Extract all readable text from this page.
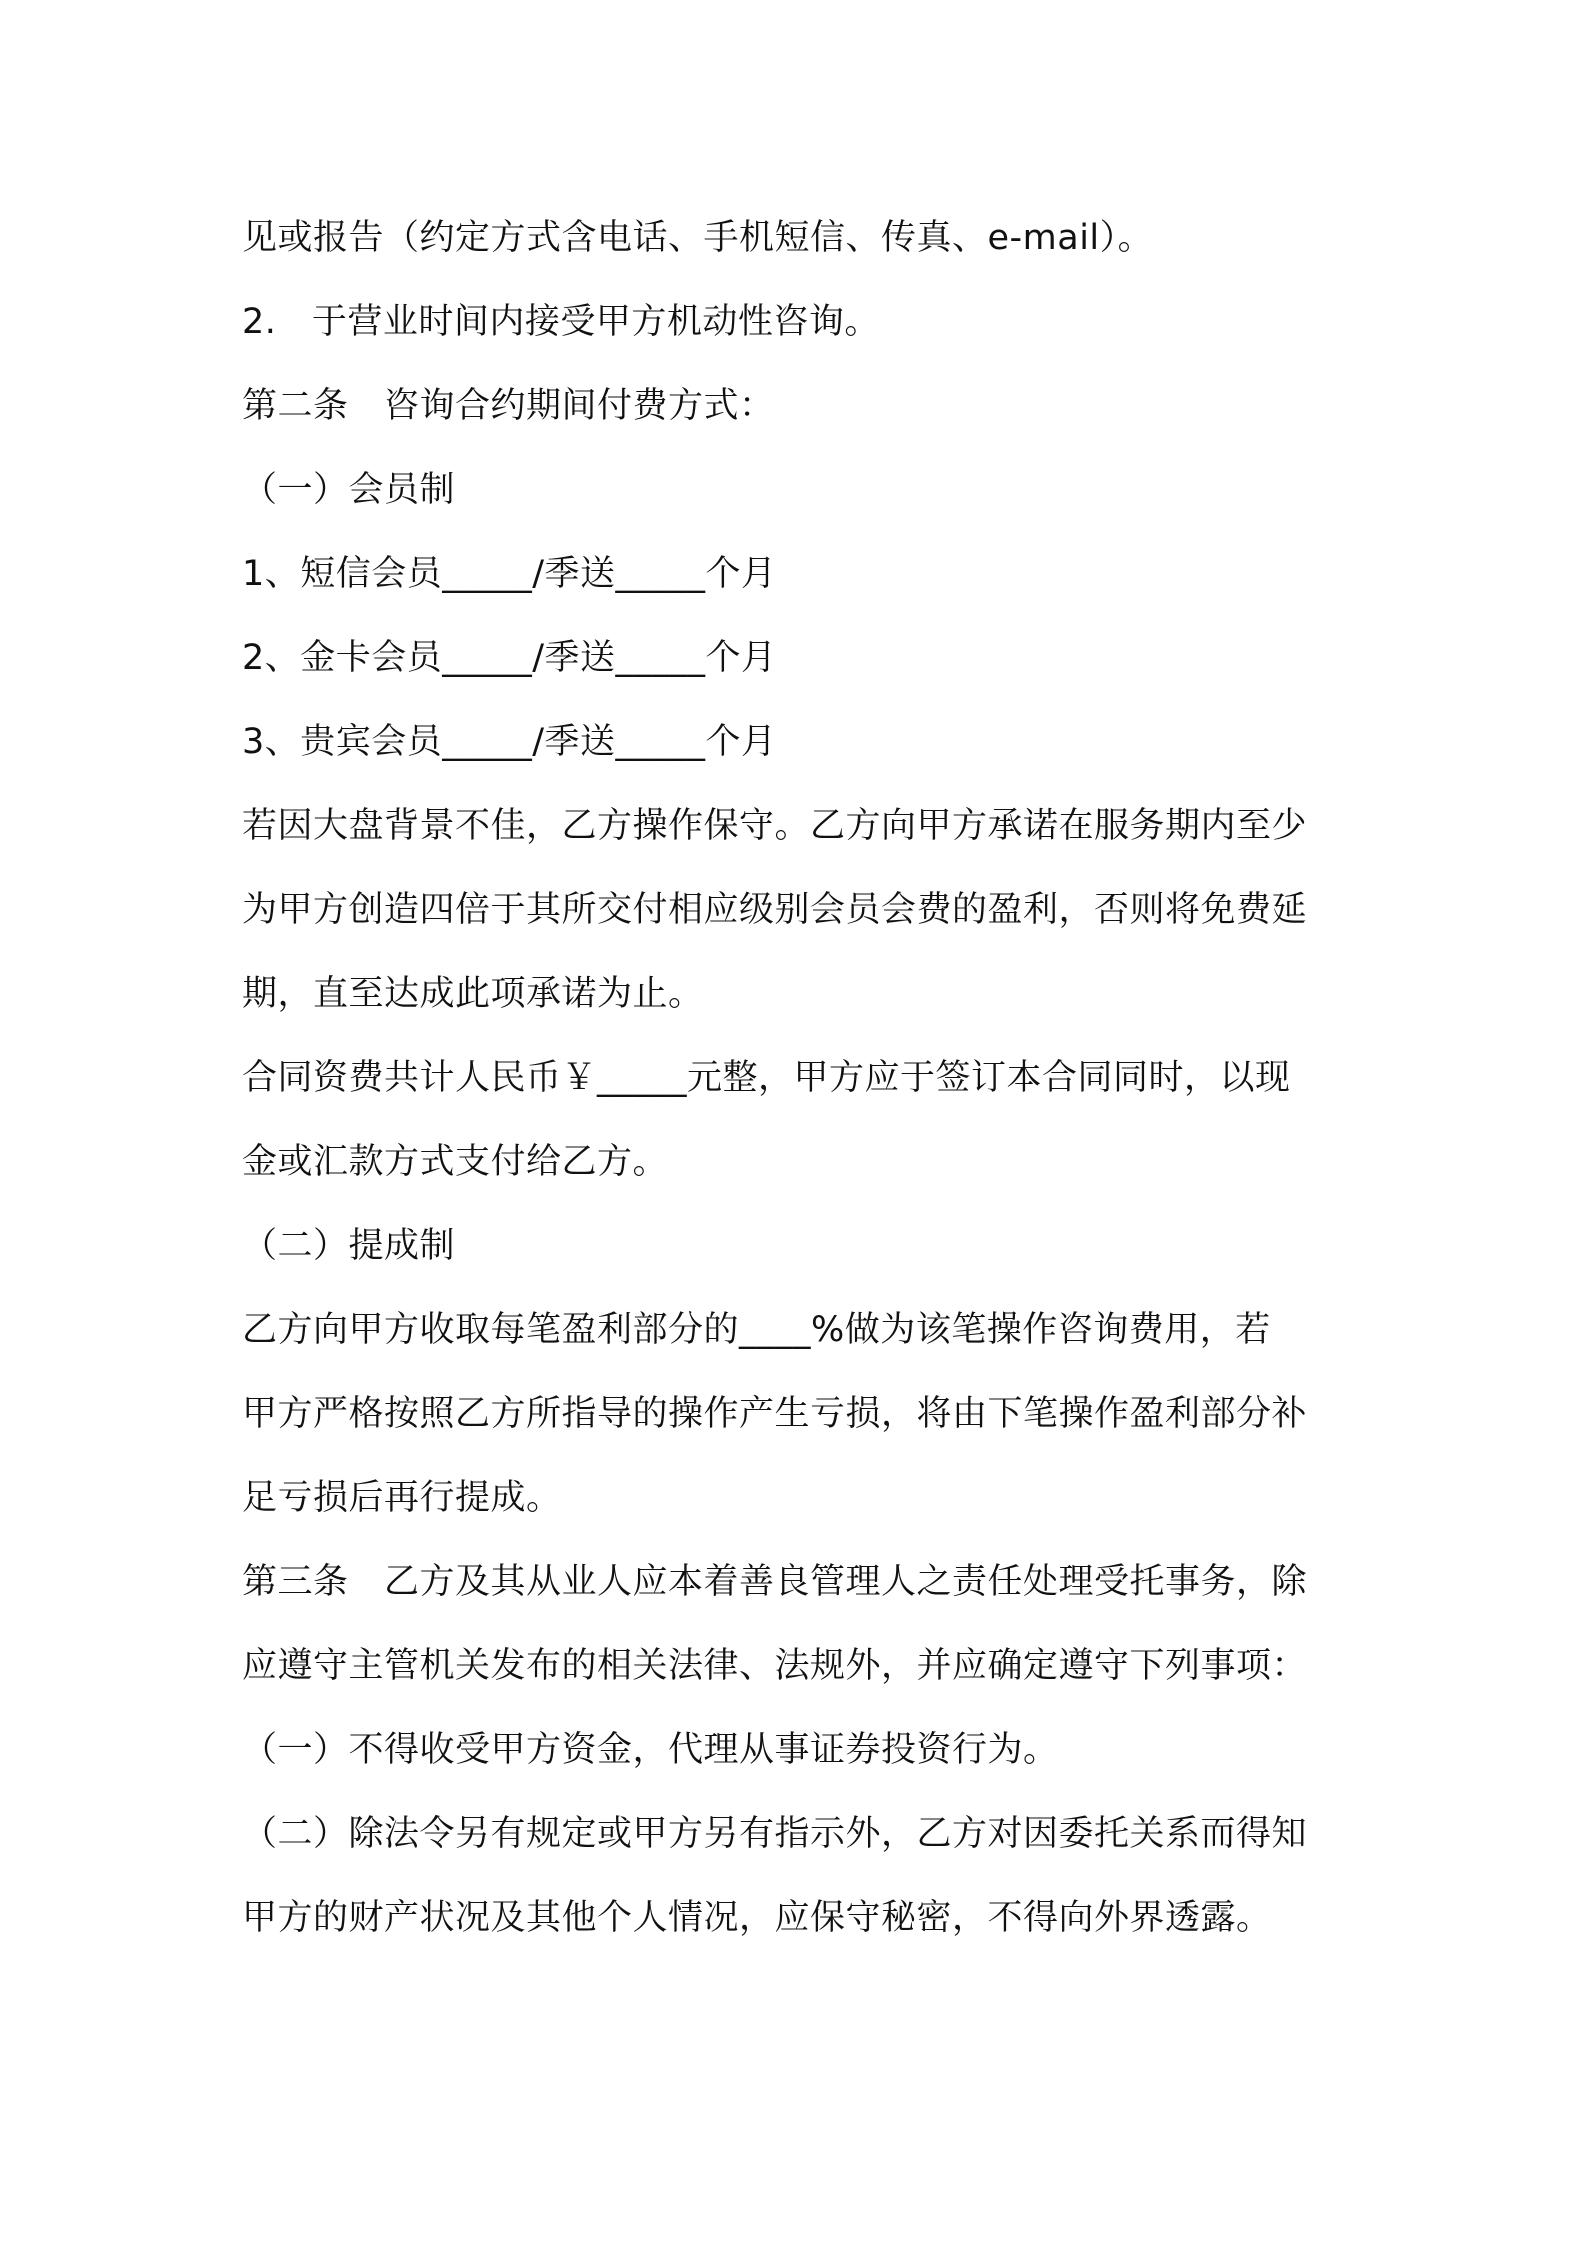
见或报告（约定方式含电话、手机短信、传真、e-mail）。
2.　于营业时间内接受甲方机动性咨询。
第二条　咨询合约期间付费方式：
（一）会员制
1、短信会员_____/季送_____个月
2、金卡会员_____/季送_____个月
3、贵宾会员_____/季送_____个月
若因大盘背景不佳，乙方操作保守。乙方向甲方承诺在服务期内至少
为甲方创造四倍于其所交付相应级别会员会费的盈利，否则将免费延
期，直至达成此项承诺为止。
合同资费共计人民币￥_____元整，甲方应于签订本合同同时，以现
金或汇款方式支付给乙方。
（二）提成制
乙方向甲方收取每笔盈利部分的____%做为该笔操作咨询费用，若
甲方严格按照乙方所指导的操作产生亏损，将由下笔操作盈利部分补
足亏损后再行提成。
第三条　乙方及其从业人应本着善良管理人之责任处理受托事务，除
应遵守主管机关发布的相关法律、法规外，并应确定遵守下列事项：
（一）不得收受甲方资金，代理从事证券投资行为。
（二）除法令另有规定或甲方另有指示外，乙方对因委托关系而得知
甲方的财产状况及其他个人情况，应保守秘密，不得向外界透露。
